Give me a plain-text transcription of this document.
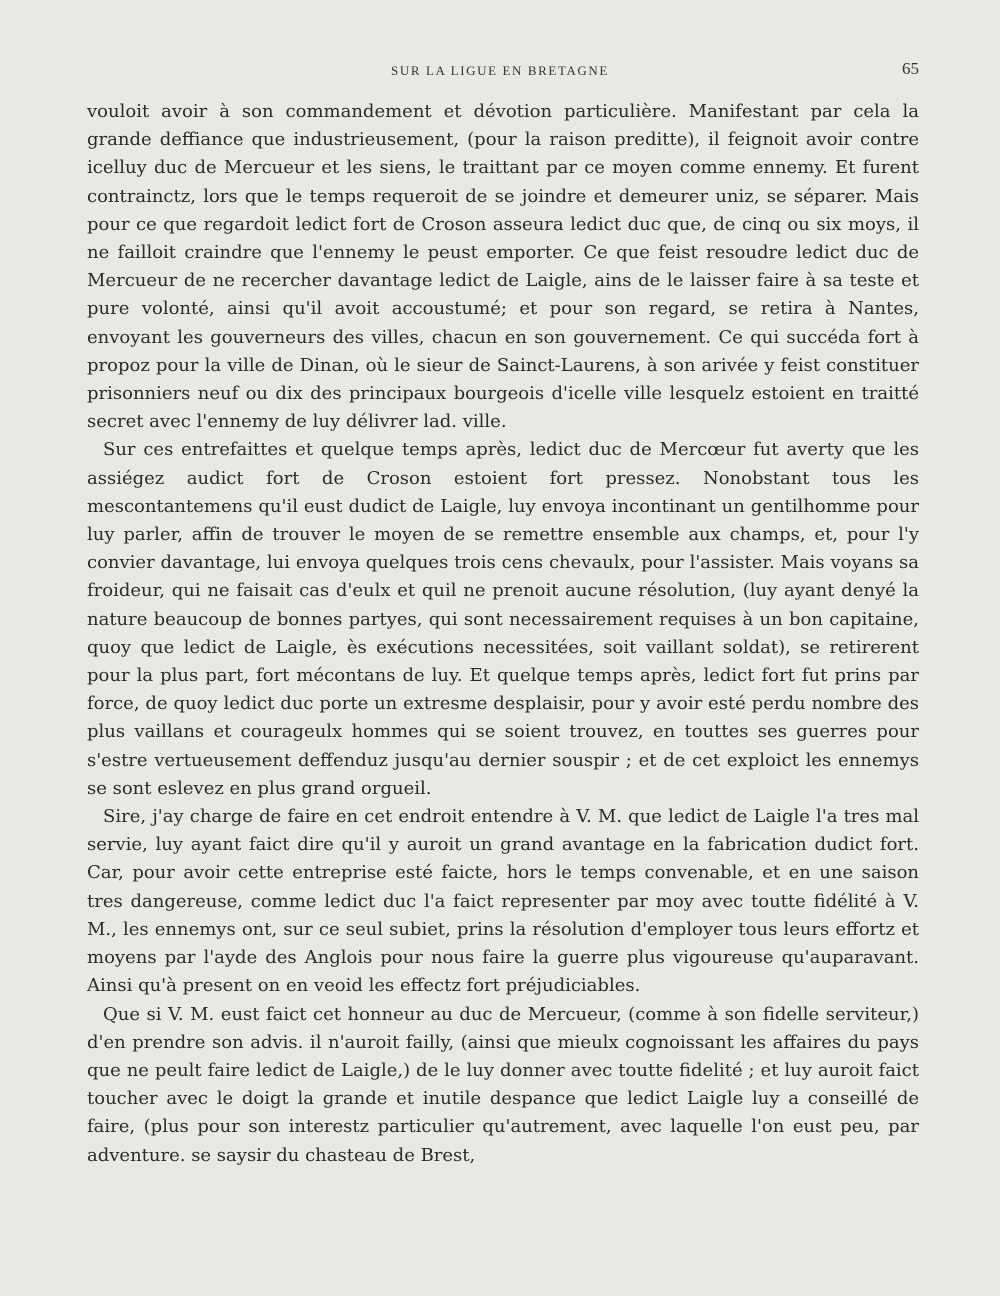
SUR LA LIGUE EN BRETAGNE	65

vouloit avoir à son commandement et dévotion particulière. Manifestant par cela la grande deffiance que industrieusement, (pour la raison predittе), il feignoit avoir contre icelluy duc de Mercueur et les siens, le traittant par ce moyen comme ennemy. Et furent contrainctz, lors que le temps requeroit de se joindre et demeurer uniz, se séparer. Mais pour ce que regardoit ledict fort de Croson asseura ledict duc que, de cinq ou six moys, il ne failloit craindre que l'ennemy le peust emporter. Ce que feist resoudre ledict duc de Mercueur de ne recercher davantage ledict de Laigle, ains de le laisser faire à sa teste et pure volonté, ainsi qu'il avoit accoustumé; et pour son regard, se retira à Nantes, envoyant les gouverneurs des villes, chacun en son gouvernement. Ce qui succéda fort à propoz pour la ville de Dinan, où le sieur de Sainct-Laurens, à son arivée y feist constituer prisonniers neuf ou dix des principaux bourgeois d'icelle ville lesquelz estoient en traitté secret avec l'ennemy de luy délivrer lad. ville.

Sur ces entrefaittes et quelque temps après, ledict duc de Mercœur fut averty que les assiégez audict fort de Croson estoient fort pressez. Nonobstant tous les mescontantemens qu'il eust dudict de Laigle, luy envoya incontinant un gentilhomme pour luy parler, affin de trouver le moyen de se remettre ensemble aux champs, et, pour l'y convier davantage, lui envoya quelques trois cens chevaulx, pour l'assister. Mais voyans sa froideur, qui ne faisait cas d'eulx et quil ne prenoit aucune résolution, (luy ayant denyé la nature beaucoup de bonnes partyes, qui sont necessairement requises à un bon capitaine, quoy que ledict de Laigle, ès exécutions necessitées, soit vaillant soldat), se retirerent pour la plus part, fort mécontans de luy. Et quelque temps après, ledict fort fut prins par force, de quoy ledict duc porte un extresme desplaisir, pour y avoir esté perdu nombre des plus vaillans et courageulx hommes qui se soient trouvez, en touttes ses guerres pour s'estre vertueusement deffenduz jusqu'au dernier souspir ; et de cet exploict les ennemys se sont eslevez en plus grand orgueil.

Sire, j'ay charge de faire en cet endroit entendre à V. M. que ledict de Laigle l'a tres mal servie, luy ayant faict dire qu'il y auroit un grand avantage en la fabrication dudict fort. Car, pour avoir cette entreprise esté faicte, hors le temps convenable, et en une saison tres dangereuse, comme ledict duc l'a faict representer par moy avec toutte fidélité à V. M., les ennemys ont, sur ce seul subiet, prins la résolution d'employer tous leurs effortz et moyens par l'ayde des Anglois pour nous faire la guerre plus vigoureuse qu'auparavant. Ainsi qu'à present on en veoid les effectz fort préjudiciables.

Que si V. M. eust faict cet honneur au duc de Mercueur, (comme à son fidelle serviteur,) d'en prendre son advis. il n'auroit failly, (ainsi que mieulx cognoissant les affaires du pays que ne peult faire ledict de Laigle,) de le luy donner avec toutte fidelité ; et luy auroit faict toucher avec le doigt la grande et inutile despance que ledict Laigle luy a conseillé de faire, (plus pour son interestz particulier qu'autrement, avec laquelle l'on eust peu, par adventure. se saysir du chasteau de Brest,
